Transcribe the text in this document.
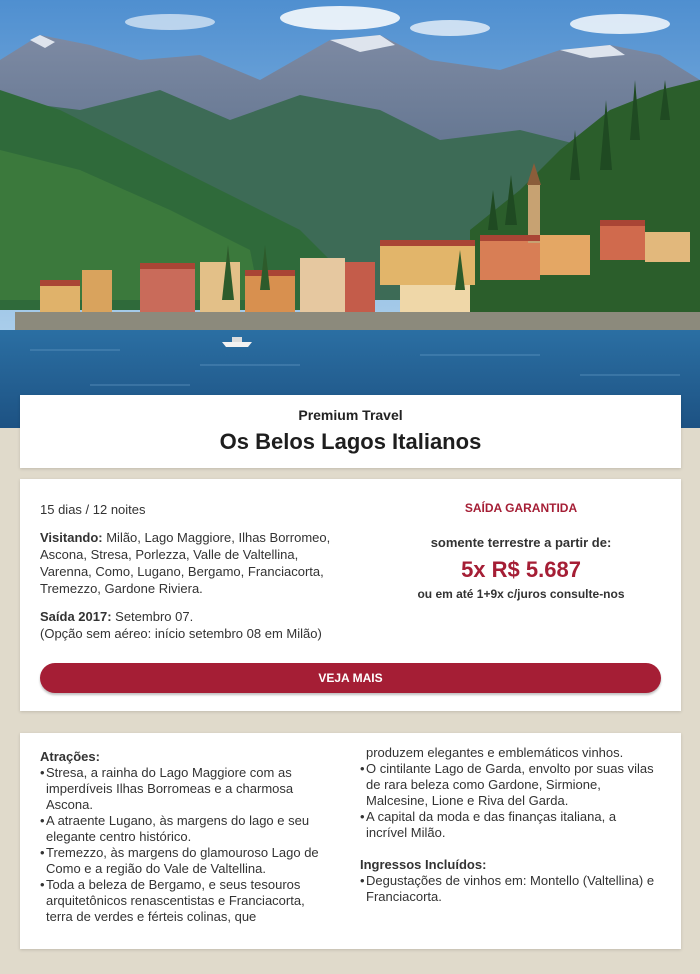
Premium Travel
Os Belos Lagos Italianos

15 dias / 12 noites

Visitando: Milão, Lago Maggiore, Ilhas Borromeo, Ascona, Stresa, Porlezza, Valle de Valtellina, Varenna, Como, Lugano, Bergamo, Franciacorta, Tremezzo, Gardone Riviera.

Saída 2017: Setembro 07.
(Opção sem aéreo: início setembro 08 em Milão)

SAÍDA GARANTIDA
somente terrestre a partir de:
5x R$ 5.687
ou em até 1+9x c/juros consulte-nos
VEJA MAIS
Atrações:
• Stresa, a rainha do Lago Maggiore com as imperdíveis Ilhas Borromeas e a charmosa Ascona.
• A atraente Lugano, às margens do lago e seu elegante centro histórico.
• Tremezzo, às margens do glamouroso Lago de Como e a região do Vale de Valtellina.
• Toda a beleza de Bergamo, e seus tesouros arquitetônicos renascentistas e Franciacorta, terra de verdes e férteis colinas, que
produzem elegantes e emblemáticos vinhos.
• O cintilante Lago de Garda, envolto por suas vilas de rara beleza como Gardone, Sirmione, Malcesine, Lione e Riva del Garda.
• A capital da moda e das finanças italiana, a incrível Milão.
Ingressos Incluídos:
• Degustações de vinhos em: Montello (Valtellina) e Franciacorta.
